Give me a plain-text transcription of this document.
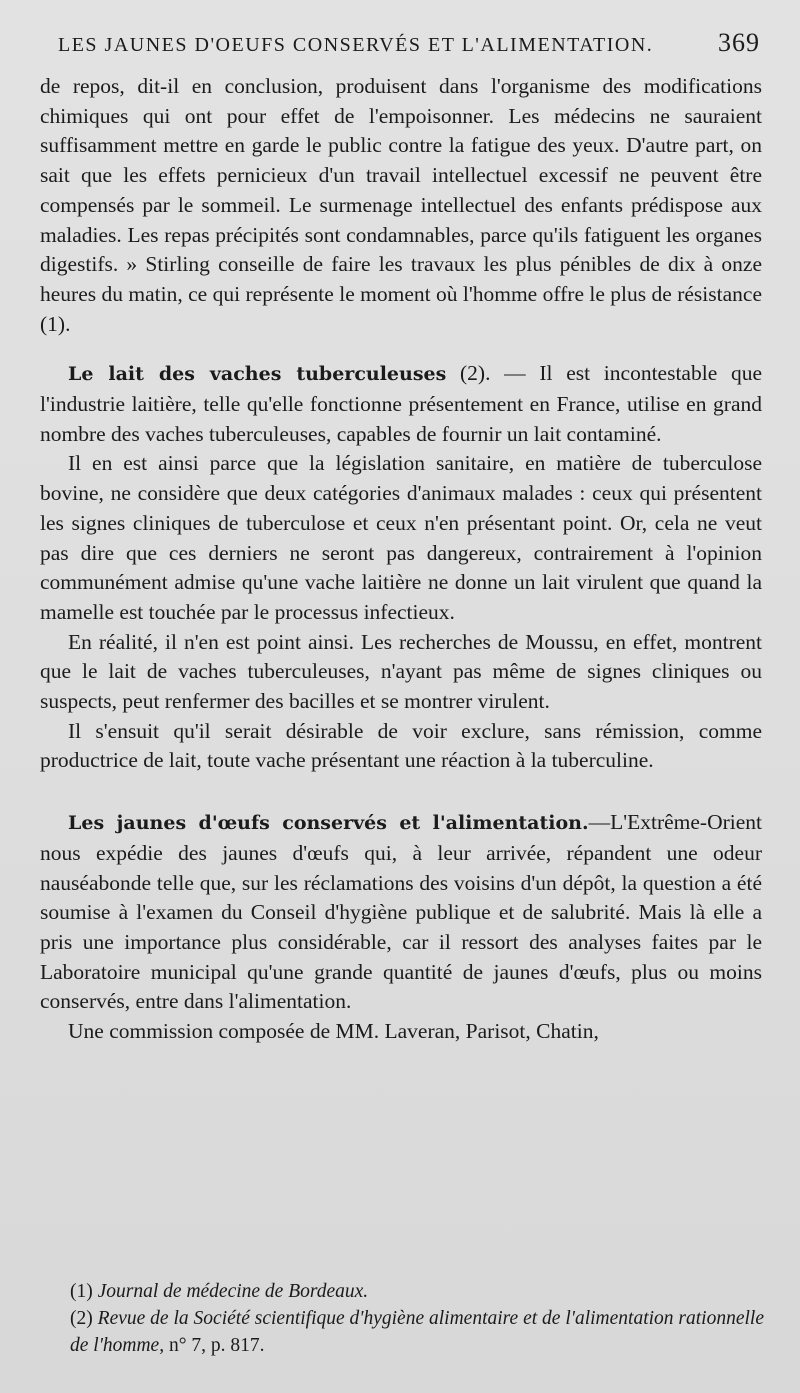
LES JAUNES D'OEUFS CONSERVÉS ET L'ALIMENTATION. 369

de repos, dit-il en conclusion, produisent dans l'organisme des modifications chimiques qui ont pour effet de l'empoisonner. Les médecins ne sauraient suffisamment mettre en garde le public contre la fatigue des yeux. D'autre part, on sait que les effets pernicieux d'un travail intellectuel excessif ne peuvent être compensés par le sommeil. Le surmenage intellectuel des enfants prédispose aux maladies. Les repas précipités sont condamnables, parce qu'ils fatiguent les organes digestifs. » Stirling conseille de faire les travaux les plus pénibles de dix à onze heures du matin, ce qui représente le moment où l'homme offre le plus de résistance (1).

Le lait des vaches tuberculeuses (2). — Il est incontestable que l'industrie laitière, telle qu'elle fonctionne présentement en France, utilise en grand nombre des vaches tuberculeuses, capables de fournir un lait contaminé.

Il en est ainsi parce que la législation sanitaire, en matière de tuberculose bovine, ne considère que deux catégories d'animaux malades : ceux qui présentent les signes cliniques de tuberculose et ceux n'en présentant point. Or, cela ne veut pas dire que ces derniers ne seront pas dangereux, contrairement à l'opinion communément admise qu'une vache laitière ne donne un lait virulent que quand la mamelle est touchée par le processus infectieux.

En réalité, il n'en est point ainsi. Les recherches de Moussu, en effet, montrent que le lait de vaches tuberculeuses, n'ayant pas même de signes cliniques ou suspects, peut renfermer des bacilles et se montrer virulent.

Il s'ensuit qu'il serait désirable de voir exclure, sans rémission, comme productrice de lait, toute vache présentant une réaction à la tuberculine.

Les jaunes d'œufs conservés et l'alimentation.—L'Extrême-Orient nous expédie des jaunes d'œufs qui, à leur arrivée, répandent une odeur nauséabonde telle que, sur les réclamations des voisins d'un dépôt, la question a été soumise à l'examen du Conseil d'hygiène publique et de salubrité. Mais là elle a pris une importance plus considérable, car il ressort des analyses faites par le Laboratoire municipal qu'une grande quantité de jaunes d'œufs, plus ou moins conservés, entre dans l'alimentation.

Une commission composée de MM. Laveran, Parisot, Chatin,

(1) Journal de médecine de Bordeaux.

(2) Revue de la Société scientifique d'hygiène alimentaire et de l'alimentation rationnelle de l'homme, n° 7, p. 817.
